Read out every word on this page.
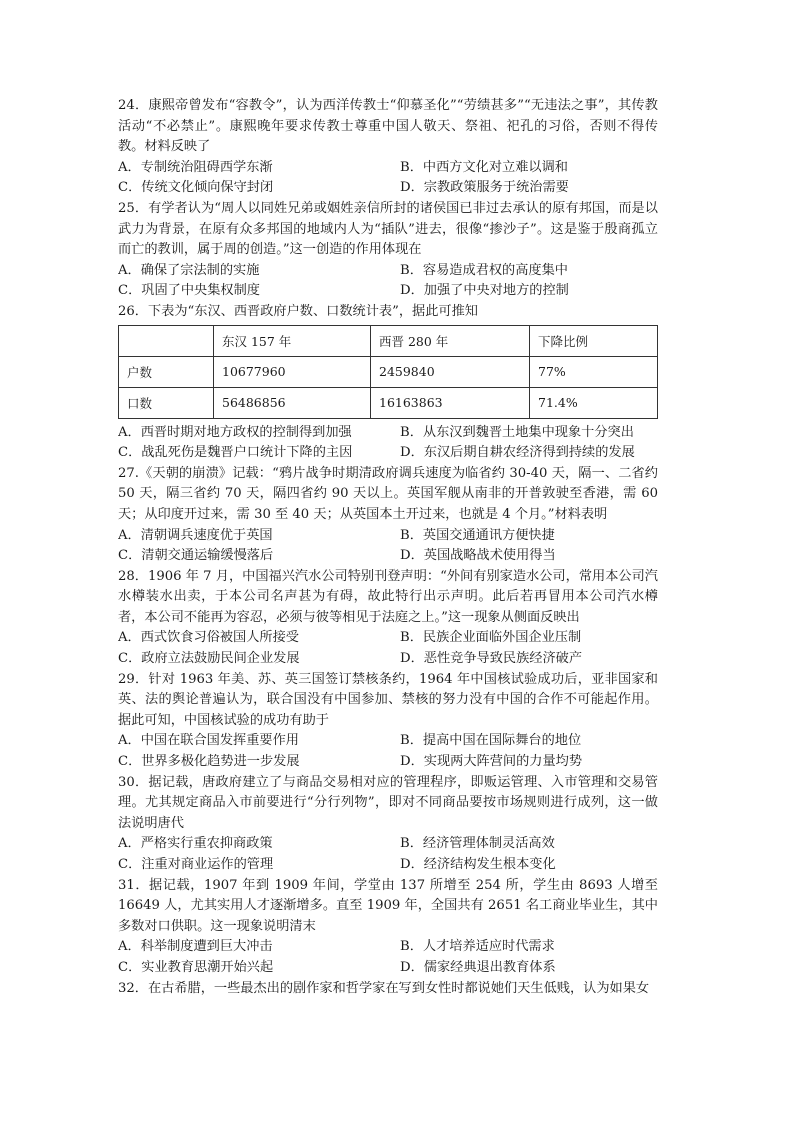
24．康熙帝曾发布“容教令”，认为西洋传教士“仰慕圣化”“劳绩甚多”“无违法之事”，其传教活动“不必禁止”。康熙晚年要求传教士尊重中国人敬天、祭祖、祀孔的习俗，否则不得传教。材料反映了

A．专制统治阻碍西学东渐	B．中西方文化对立难以调和
C．传统文化倾向保守封闭	D．宗教政策服务于统治需要

25．有学者认为“周人以同姓兄弟或姻姓亲信所封的诸侯国已非过去承认的原有邦国，而是以武力为背景，在原有众多邦国的地域内人为“插队”进去，很像“掺沙子”。这是鉴于殷商孤立而亡的教训，属于周的创造。”这一创造的作用体现在

A．确保了宗法制的实施	B．容易造成君权的高度集中
C．巩固了中央集权制度	D．加强了中央对地方的控制

26．下表为“东汉、西晋政府户数、口数统计表”，据此可推知

	东汉 157 年	西晋 280 年	下降比例
户数	10677960	2459840	77%
口数	56486856	16163863	71.4%
A．西晋时期对地方政权的控制得到加强	B．从东汉到魏晋土地集中现象十分突出
C．战乱死伤是魏晋户口统计下降的主因	D．东汉后期自耕农经济得到持续的发展

27.《天朝的崩溃》记载：“鸦片战争时期清政府调兵速度为临省约 30-40 天，隔一、二省约 50 天，隔三省约 70 天，隔四省约 90 天以上。英国军舰从南非的开普敦驶至香港，需 60 天；从印度开过来，需 30 至 40 天；从英国本土开过来，也就是 4 个月。”材料表明

A．清朝调兵速度优于英国	B．英国交通通讯方便快捷
C．清朝交通运输缓慢落后	D．英国战略战术使用得当

28．1906 年 7 月，中国福兴汽水公司特别刊登声明：“外间有别家造水公司，常用本公司汽水樽装水出卖，于本公司名声甚为有碍，故此特行出示声明。此后若再冒用本公司汽水樽者，本公司不能再为容忍，必须与彼等相见于法庭之上。”这一现象从侧面反映出

A．西式饮食习俗被国人所接受	B．民族企业面临外国企业压制
C．政府立法鼓励民间企业发展	D．恶性竞争导致民族经济破产

29．针对 1963 年美、苏、英三国签订禁核条约，1964 年中国核试验成功后，亚非国家和英、法的舆论普遍认为，联合国没有中国参加、禁核的努力没有中国的合作不可能起作用。据此可知，中国核试验的成功有助于

A．中国在联合国发挥重要作用	B．提高中国在国际舞台的地位
C．世界多极化趋势进一步发展	D．实现两大阵营间的力量均势

30．据记载，唐政府建立了与商品交易相对应的管理程序，即贩运管理、入市管理和交易管理。尤其规定商品入市前要进行“分行列物”，即对不同商品要按市场规则进行成列，这一做法说明唐代

A．严格实行重农抑商政策	B．经济管理体制灵活高效
C．注重对商业运作的管理	D．经济结构发生根本变化

31．据记载，1907 年到 1909 年间，学堂由 137 所增至 254 所，学生由 8693 人增至 16649 人，尤其实用人才逐渐增多。直至 1909 年，全国共有 2651 名工商业毕业生，其中多数对口供职。这一现象说明清末

A．科举制度遭到巨大冲击	B．人才培养适应时代需求
C．实业教育思潮开始兴起	D．儒家经典退出教育体系

32．在古希腊，一些最杰出的剧作家和哲学家在写到女性时都说她们天生低贱，认为如果女
